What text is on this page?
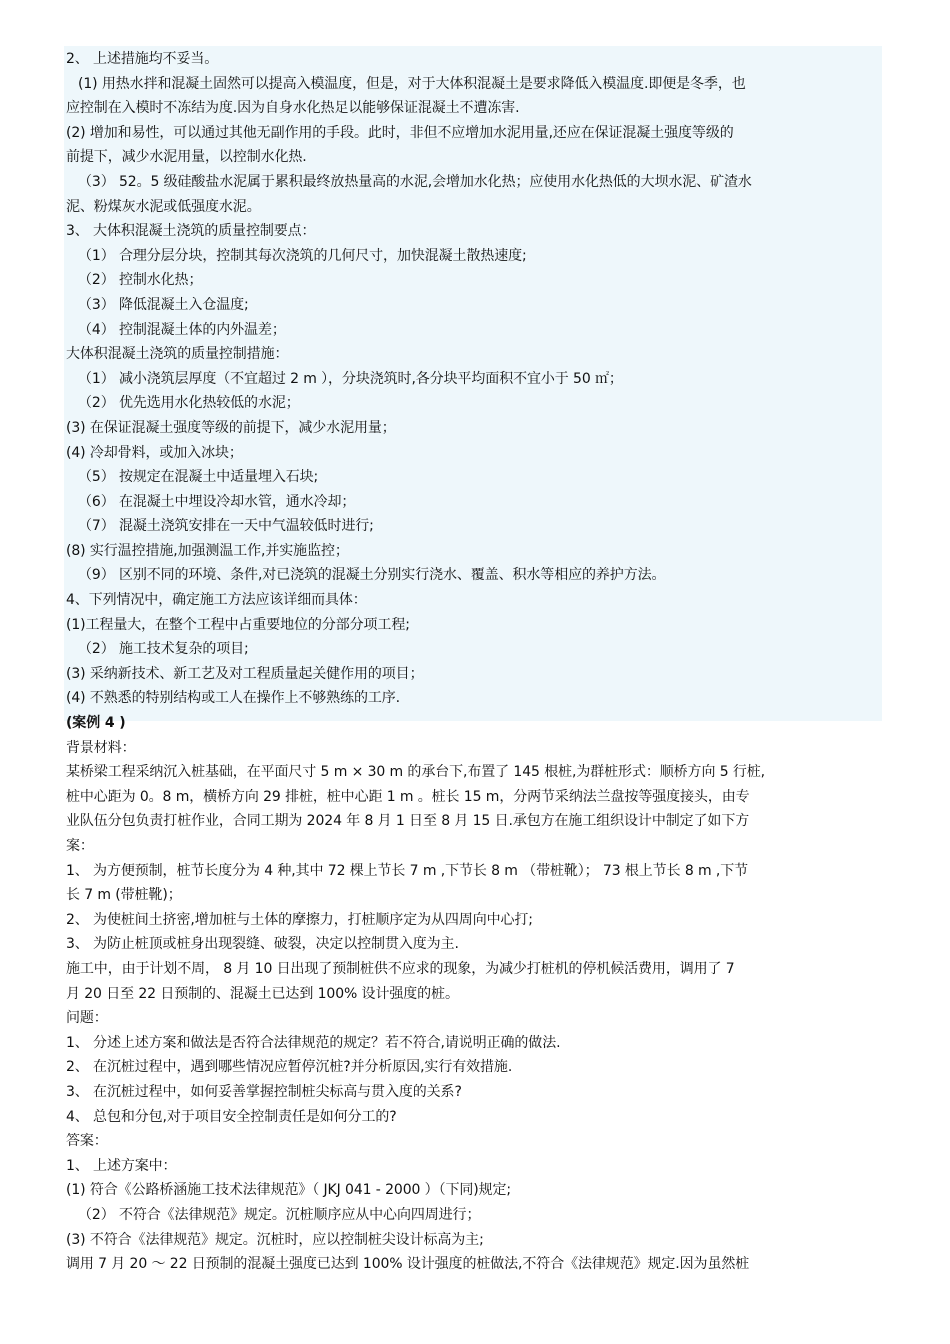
2、 上述措施均不妥当。
(1) 用热水拌和混凝土固然可以提高入模温度，但是，对于大体积混凝土是要求降低入模温度.即便是冬季，也
应控制在入模时不冻结为度.因为自身水化热足以能够保证混凝土不遭冻害.
(2) 增加和易性，可以通过其他无副作用的手段。此时，非但不应增加水泥用量,还应在保证混凝土强度等级的
前提下，减少水泥用量，以控制水化热.
（3） 52。5 级硅酸盐水泥属于累积最终放热量高的水泥,会增加水化热；应使用水化热低的大坝水泥、矿渣水
泥、粉煤灰水泥或低强度水泥。
3、 大体积混凝土浇筑的质量控制要点：
（1） 合理分层分块，控制其每次浇筑的几何尺寸，加快混凝土散热速度;
（2） 控制水化热；
（3） 降低混凝土入仓温度;
（4） 控制混凝土体的内外温差；
大体积混凝土浇筑的质量控制措施：
（1） 减小浇筑层厚度（不宜超过 2 m ），分块浇筑时,各分块平均面积不宜小于 50 ㎡；
（2） 优先选用水化热较低的水泥；
(3) 在保证混凝土强度等级的前提下，减少水泥用量；
(4) 冷却骨料，或加入冰块；
（5） 按规定在混凝土中适量埋入石块;
（6） 在混凝土中埋设冷却水管，通水冷却；
（7） 混凝土浇筑安排在一天中气温较低时进行;
(8) 实行温控措施,加强测温工作,并实施监控；
（9） 区别不同的环境、条件,对已浇筑的混凝土分别实行浇水、覆盖、积水等相应的养护方法。
4、下列情况中，确定施工方法应该详细而具体：
(1)工程量大，在整个工程中占重要地位的分部分项工程;
（2） 施工技术复杂的项目;
(3) 采纳新技术、新工艺及对工程质量起关健作用的项目；
(4) 不熟悉的特别结构或工人在操作上不够熟练的工序.
(案例 4 )
背景材料：
某桥梁工程采纳沉入桩基础，在平面尺寸 5 m × 30 m 的承台下,布置了 145 根桩,为群桩形式：顺桥方向 5 行桩,
桩中心距为 0。8 m，横桥方向 29 排桩，桩中心距 1 m 。桩长 15 m，分两节采纳法兰盘按等强度接头，由专
业队伍分包负责打桩作业，合同工期为 2024 年 8 月 1 日至 8 月 15 日.承包方在施工组织设计中制定了如下方
案：
1、 为方便预制，桩节长度分为 4 种,其中 72 棵上节长 7 m ,下节长 8 m （带桩靴）； 73 根上节长 8 m ,下节
长 7 m (带桩靴)；
2、 为使桩间土挤密,增加桩与土体的摩擦力，打桩顺序定为从四周向中心打;
3、 为防止桩顶或桩身出现裂缝、破裂，决定以控制贯入度为主.
施工中，由于计划不周， 8 月 10 日出现了预制桩供不应求的现象，为减少打桩机的停机候活费用，调用了 7
月 20 日至 22 日预制的、混凝土已达到 100% 设计强度的桩。
问题：
1、 分述上述方案和做法是否符合法律规范的规定？若不符合,请说明正确的做法.
2、 在沉桩过程中，遇到哪些情况应暂停沉桩?并分析原因,实行有效措施.
3、 在沉桩过程中，如何妥善掌握控制桩尖标高与贯入度的关系?
4、 总包和分包,对于项目安全控制责任是如何分工的?
答案：
1、 上述方案中：
(1) 符合《公路桥涵施工技术法律规范》（ JKJ 041 - 2000 ）（下同)规定;
（2） 不符合《法律规范》规定。沉桩顺序应从中心向四周进行；
(3) 不符合《法律规范》规定。沉桩时，应以控制桩尖设计标高为主;
调用 7 月 20 ～ 22 日预制的混凝土强度已达到 100% 设计强度的桩做法,不符合《法律规范》规定.因为虽然桩
